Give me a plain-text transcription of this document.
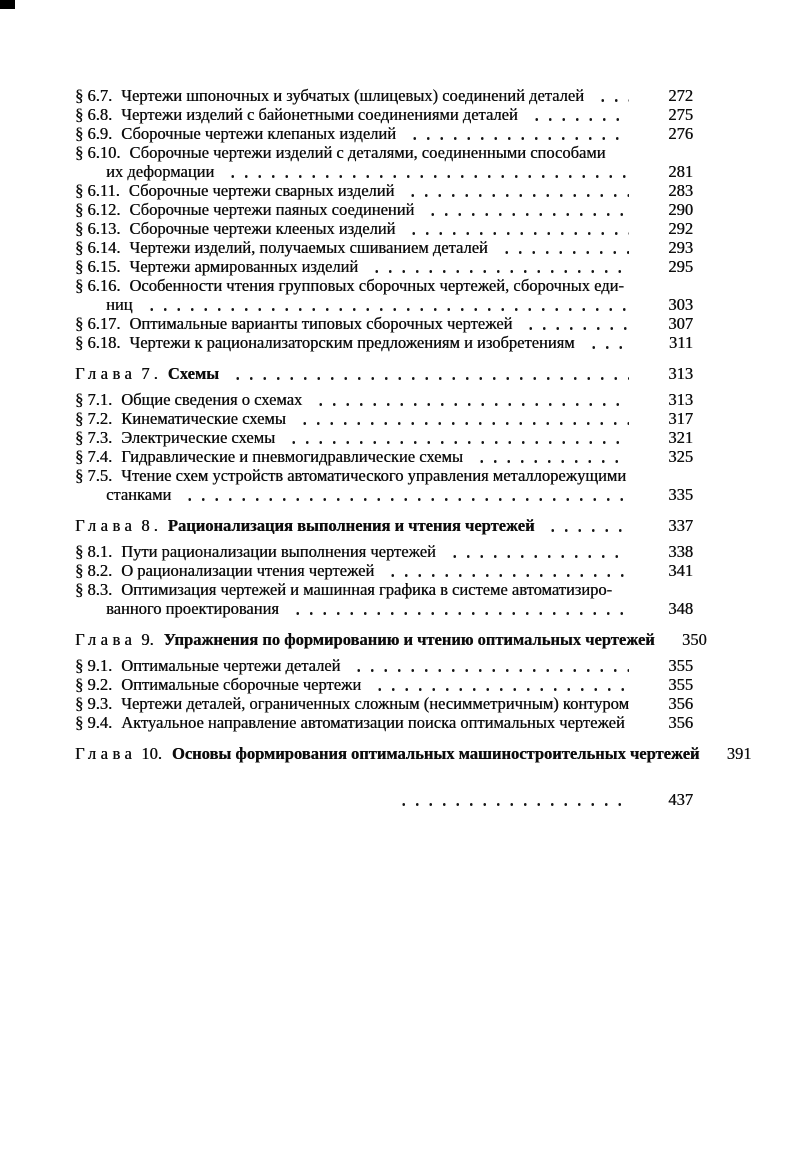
§ 6.7. Чертежи шпоночных и зубчатых (шлицевых) соединений деталей	272
§ 6.8. Чертежи изделий с байонетными соединениями деталей	275
§ 6.9. Сборочные чертежи клепаных изделий	276
§ 6.10. Сборочные чертежи изделий с деталями, соединенными способами
их деформации	281
§ 6.11. Сборочные чертежи сварных изделий	283
§ 6.12. Сборочные чертежи паяных соединений	290
§ 6.13. Сборочные чертежи клееных изделий	292
§ 6.14. Чертежи изделий, получаемых сшиванием деталей	293
§ 6.15. Чертежи армированных изделий	295
§ 6.16. Особенности чтения групповых сборочных чертежей, сборочных еди-
ниц	303
§ 6.17. Оптимальные варианты типовых сборочных чертежей	307
§ 6.18. Чертежи к рационализаторским предложениям и изобретениям	311
Глава 7 . Схемы	313
§ 7.1. Общие сведения о схемах	313
§ 7.2. Кинематические схемы	317
§ 7.3. Электрические схемы	321
§ 7.4. Гидравлические и пневмогидравлические схемы	325
§ 7.5. Чтение схем устройств автоматического управления металлорежущими
станками	335
Глава 8 . Рационализация выполнения и чтения чертежей	337
§ 8.1. Пути рационализации выполнения чертежей	338
§ 8.2. О рационализации чтения чертежей	341
§ 8.3. Оптимизация чертежей и машинная графика в системе автоматизиро-
ванного проектирования	348
Глава 9. Упражнения по формированию и чтению оптимальных чертежей	350
§ 9.1. Оптимальные чертежи деталей	355
§ 9.2. Оптимальные сборочные чертежи	355
§ 9.3. Чертежи деталей, ограниченных сложным (несимметричным) контуром	356
§ 9.4. Актуальное направление автоматизации поиска оптимальных чертежей	356
Глава 10. Основы формирования оптимальных машиностроительных чертежей	391
437
